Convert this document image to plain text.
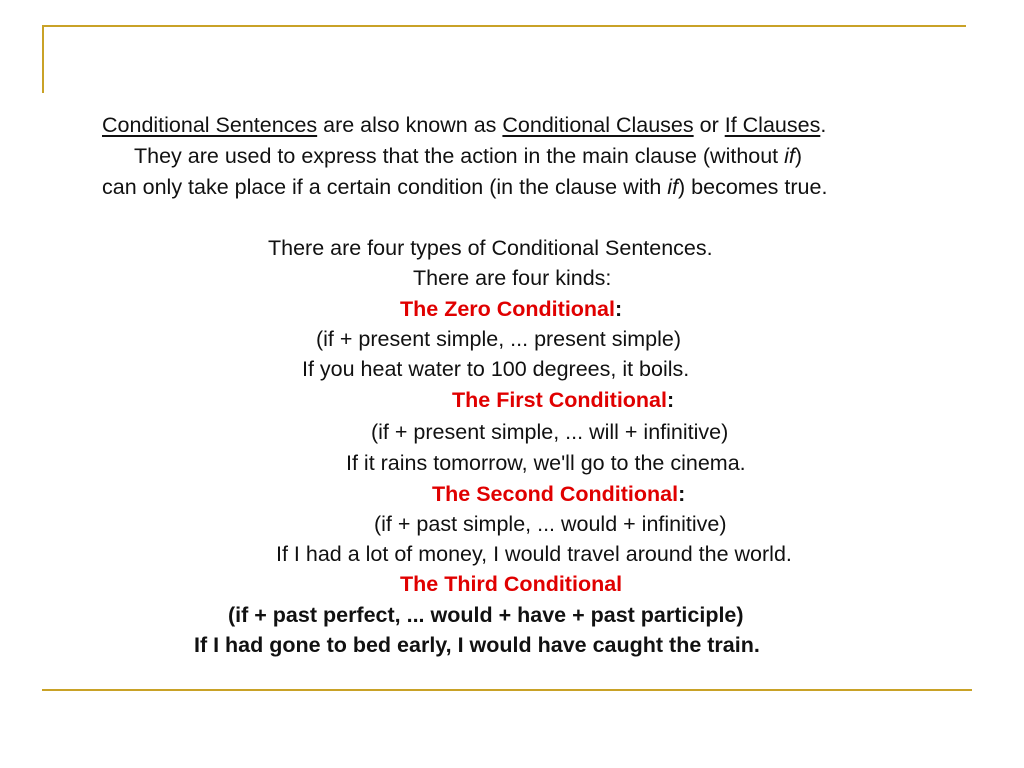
Conditional Sentences are also known as Conditional Clauses or If Clauses.
They are used to express that the action in the main clause (without if)
can only take place if a certain condition (in the clause with if) becomes true.
There are four types of Conditional Sentences.
There are four kinds:
The Zero Conditional:
(if + present simple, ... present simple)
If you heat water to 100 degrees, it boils.
The First Conditional:
(if + present simple, ... will + infinitive)
If it rains tomorrow, we'll go to the cinema.
The Second Conditional:
(if + past simple, ... would + infinitive)
If I had a lot of money, I would travel around the world.
The Third Conditional
(if + past perfect, ... would + have + past participle)
If I had gone to bed early, I would have caught the train.
